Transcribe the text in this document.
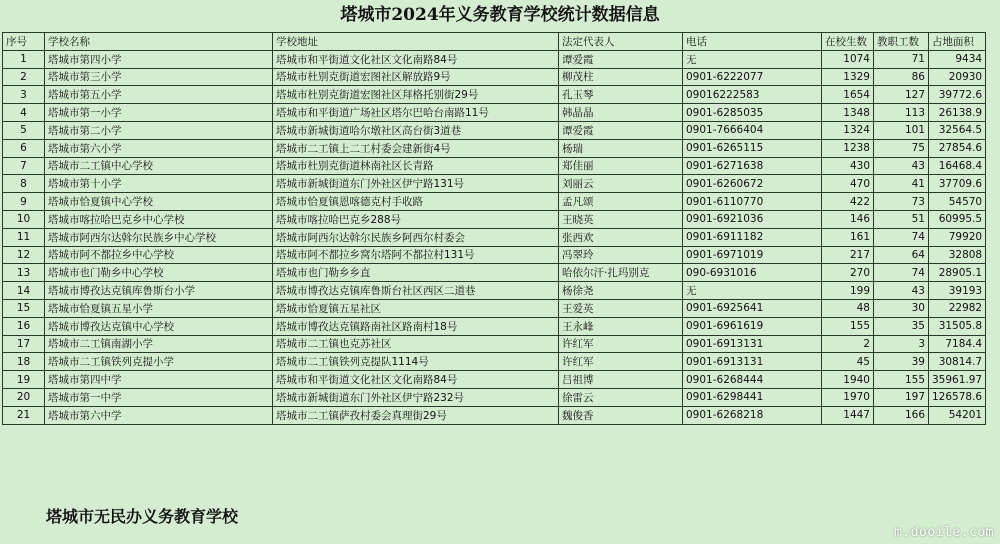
塔城市2024年义务教育学校统计数据信息
序号	学校名称	学校地址	法定代表人	电话	在校生数	教职工数	占地面积
1	塔城市第四小学	塔城市和平街道文化社区文化南路84号	谭爱霞	无	1074	71	9434
2	塔城市第三小学	塔城市杜别克街道宏图社区解放路9号	柳茂柱	0901-6222077	1329	86	20930
3	塔城市第五小学	塔城市杜别克街道宏图社区拜格托别街29号	孔玉琴	09016222583	1654	127	39772.6
4	塔城市第一小学	塔城市和平街道广场社区塔尔巴哈台南路11号	韩晶晶	0901-6285035	1348	113	26138.9
5	塔城市第二小学	塔城市新城街道哈尔墩社区高台街3道巷	谭爱霞	0901-7666404	1324	101	32564.5
6	塔城市第六小学	塔城市二工镇上二工村委会建新街4号	杨瑞	0901-6265115	1238	75	27854.6
7	塔城市二工镇中心学校	塔城市杜别克街道林南社区长青路	郑佳丽	0901-6271638	430	43	16468.4
8	塔城市第十小学	塔城市新城街道东门外社区伊宁路131号	刘丽云	0901-6260672	470	41	37709.6
9	塔城市恰夏镇中心学校	塔城市恰夏镇恩喀德克村手收路	孟凡颂	0901-6110770	422	73	54570
10	塔城市喀拉哈巴克乡中心学校	塔城市喀拉哈巴克乡288号	王晓英	0901-6921036	146	51	60995.5
11	塔城市阿西尔达斡尔民族乡中心学校	塔城市阿西尔达斡尔民族乡阿西尔村委会	张西欢	0901-6911182	161	74	79920
12	塔城市阿不都拉乡中心学校	塔城市阿不都拉乡窝尔塔阿不都拉村131号	冯翠玲	0901-6971019	217	64	32808
13	塔城市也门勒乡中心学校	塔城市也门勒乡乡直	哈依尔汗·扎玛别克	090-6931016	270	74	28905.1
14	塔城市博孜达克镇库鲁斯台小学	塔城市博孜达克镇库鲁斯台社区西区二道巷	杨徐尧	无	199	43	39193
15	塔城市恰夏镇五星小学	塔城市恰夏镇五星社区	王爱英	0901-6925641	48	30	22982
16	塔城市博孜达克镇中心学校	塔城市博孜达克镇路南社区路南村18号	王永峰	0901-6961619	155	35	31505.8
17	塔城市二工镇南湖小学	塔城市二工镇也克苏社区	许红军	0901-6913131	2	3	7184.4
18	塔城市二工镇铁列克提小学	塔城市二工镇铁列克提队1114号	许红军	0901-6913131	45	39	30814.7
19	塔城市第四中学	塔城市和平街道文化社区文化南路84号	吕祖博	0901-6268444	1940	155	35961.97
20	塔城市第一中学	塔城市新城街道东门外社区伊宁路232号	徐雷云	0901-6298441	1970	197	126578.6
21	塔城市第六中学	塔城市二工镇萨孜村委会真理街29号	魏俊香	0901-6268218	1447	166	54201
塔城市无民办义务教育学校
m.dooile.com
